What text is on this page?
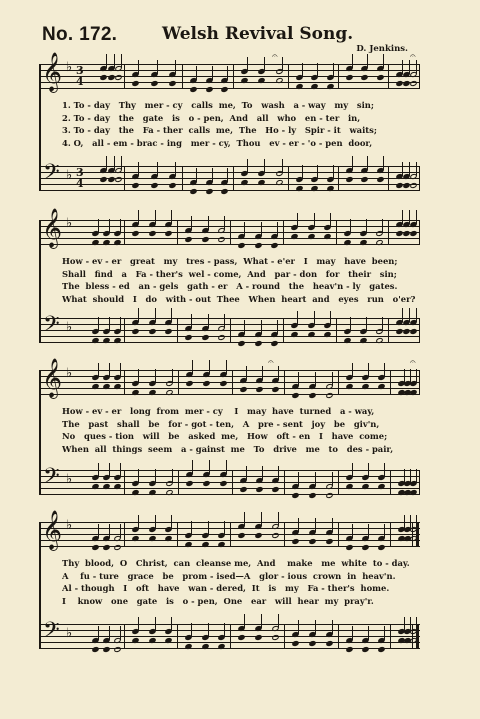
No. 172.	Welsh Revival Song.
D. Jenkins.
𝄞 ♭ 3
4
𝄐	𝄐
𝄢 ♭ 3
4
1. To - day   Thy   mer - cy   calls  me,  To   wash   a - way   my   sin;
2. To - day   the   gate   is   o - pen,  And   all   who   en - ter   in,
3. To - day   the   Fa - ther  calls  me,  The   Ho - ly   Spir - it   waits;
4. O,   all - em - brac - ing   mer - cy,  Thou   ev - er - 'o - pen  door,
𝄞 ♭
𝄢 ♭
How - ev - er   great   my   tres - pass,  What - e'er   I   may   have  been;
Shall   find   a   Fa - ther's  wel - come,  And   par - don   for   their   sin;
The  bless - ed   an - gels   gath - er   A - round   the   heav'n - ly   gates.
What  should   I   do   with - out  Thee   When  heart  and   eyes   run   o'er?
𝄞 ♭
𝄐	𝄐
𝄢 ♭
How - ev - er   long  from  mer - cy    I   may  have  turned   a - way,
The   past   shall   be   for - got - ten,   A   pre - sent   joy   be   giv'n,
No   ques - tion   will   be   asked  me,   How   oft - en   I   have  come;
When  all  things  seem   a - gainst  me   To   drive   me   to   des - pair,
𝄞 ♭
𝄢 ♭
Thy  blood,  O   Christ,  can  cleanse me,  And    make   me  white  to - day.
A    fu - ture   grace   be   prom - ised—A   glor - ious  crown  in  heav'n.
Al - though   I   oft   have   wan - dered,  It   is   my   Fa - ther's  home.
I    know   one   gate   is   o - pen,  One   ear   will  hear  my  pray'r.
